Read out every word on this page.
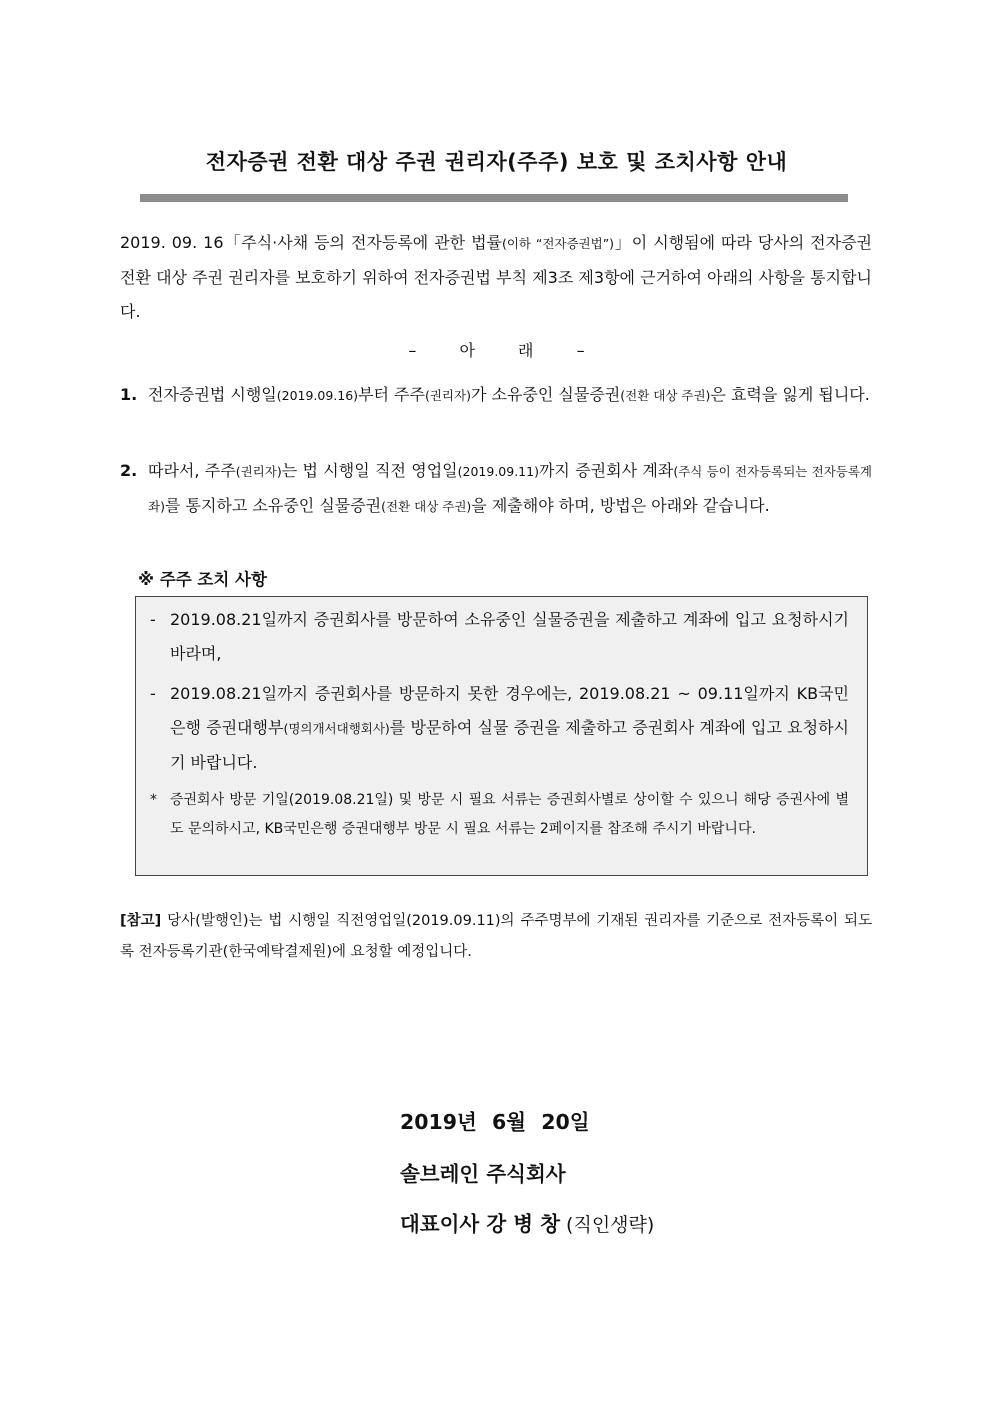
전자증권 전환 대상 주권 권리자(주주) 보호 및 조치사항 안내

2019. 09. 16「주식·사채 등의 전자등록에 관한 법률(이하 “전자증권법”)」이 시행됨에 따라 당사의 전자증권 전환 대상 주권 권리자를 보호하기 위하여 전자증권법 부칙 제3조 제3항에 근거하여 아래의 사항을 통지합니다.

– 아 래 –

1. 전자증권법 시행일(2019.09.16)부터 주주(권리자)가 소유중인 실물증권(전환 대상 주권)은 효력을 잃게 됩니다.

2. 따라서, 주주(권리자)는 법 시행일 직전 영업일(2019.09.11)까지 증권회사 계좌(주식 등이 전자등록되는 전자등록계좌)를 통지하고 소유중인 실물증권(전환 대상 주권)을 제출해야 하며, 방법은 아래와 같습니다.

※ 주주 조치 사항

- 2019.08.21일까지 증권회사를 방문하여 소유중인 실물증권을 제출하고 계좌에 입고 요청하시기 바라며,

- 2019.08.21일까지 증권회사를 방문하지 못한 경우에는, 2019.08.21 ~ 09.11일까지 KB국민은행 증권대행부(명의개서대행회사)를 방문하여 실물 증권을 제출하고 증권회사 계좌에 입고 요청하시기 바랍니다.

* 증권회사 방문 기일(2019.08.21일) 및 방문 시 필요 서류는 증권회사별로 상이할 수 있으니 해당 증권사에 별도 문의하시고, KB국민은행 증권대행부 방문 시 필요 서류는 2페이지를 참조해 주시기 바랍니다.

[참고] 당사(발행인)는 법 시행일 직전영업일(2019.09.11)의 주주명부에 기재된 권리자를 기준으로 전자등록이 되도록 전자등록기관(한국예탁결제원)에 요청할 예정입니다.

2019년 6월 20일

솔브레인 주식회사

대표이사 강 병 창 (직인생략)
